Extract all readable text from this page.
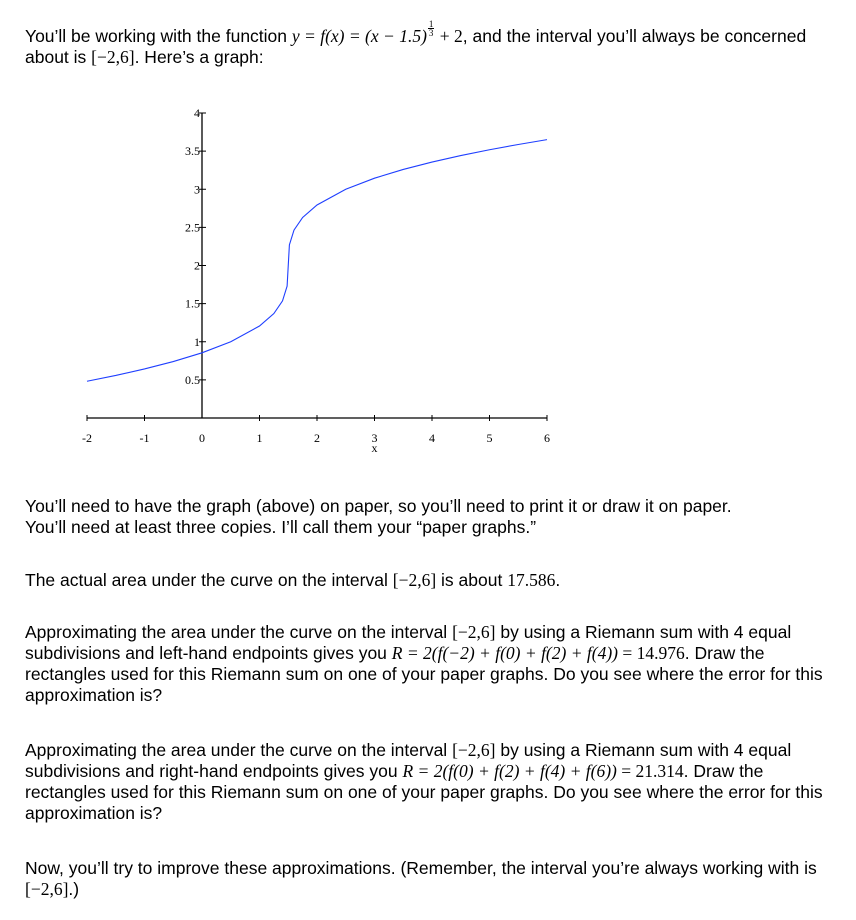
You’ll be working with the function $y = f(x) = (x - 1.5) \frac{1}{3} + 2$, and the interval you’ll always be concerned about is [−2,6]. Here’s a graph:

-2	-1	0	1	2	3	4	5	6
0.5
1
1.5
2
2.5
3
3.5
4
x
You’ll need to have the graph (above) on paper, so you’ll need to print it or draw it on paper.
You’ll need at least three copies. I’ll call them your “paper graphs.”

The actual area under the curve on the interval [−2,6] is about 17.586.

Approximating the area under the curve on the interval [−2,6] by using a Riemann sum with 4 equal subdivisions and left-hand endpoints gives you R = 2(f(−2) + f(0) + f(2) + f(4)) = 14.976. Draw the rectangles used for this Riemann sum on one of your paper graphs. Do you see where the error for this approximation is?

Approximating the area under the curve on the interval [−2,6] by using a Riemann sum with 4 equal subdivisions and right-hand endpoints gives you R = 2(f(0) + f(2) + f(4) + f(6)) = 21.314. Draw the rectangles used for this Riemann sum on one of your paper graphs. Do you see where the error for this approximation is?

Now, you’ll try to improve these approximations. (Remember, the interval you’re always working with is [−2,6].)
